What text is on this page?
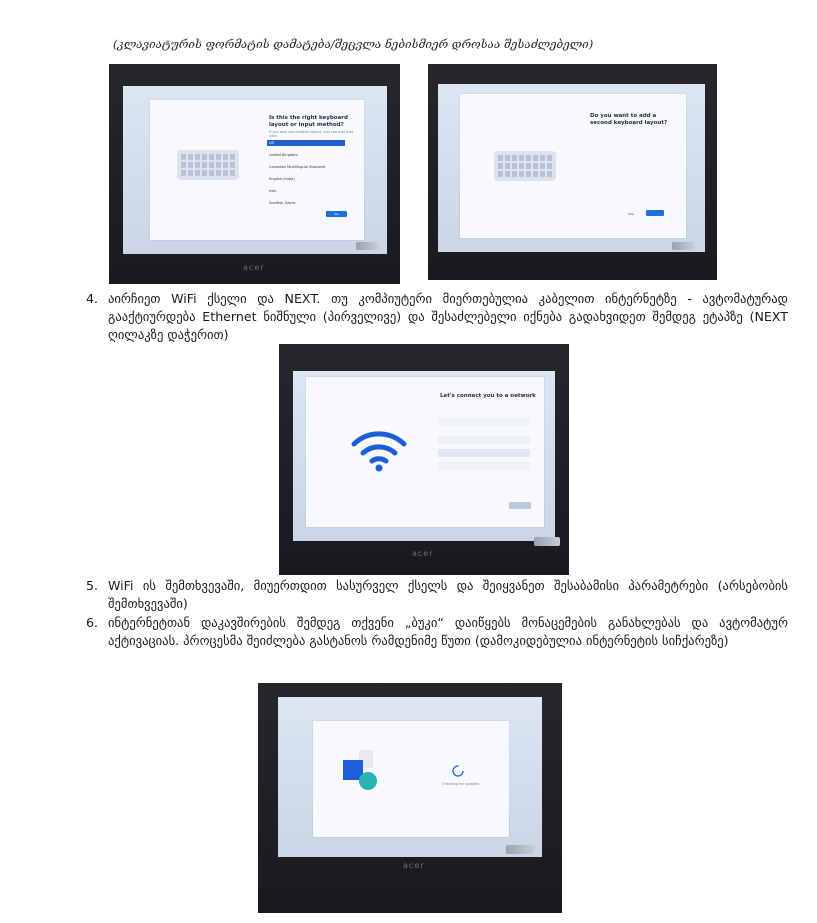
(კლავიატურის ფორმატის დამატება/შეცვლა ნებისმიერ დროსაა შესაძლებელი)
Is this the right keyboard layout or input method?
If you also use another layout, you can add that next.
US
United Kingdom
Canadian Multilingual Standard
English (India)
Irish
Scottish Gaelic
Yes
acer
Do you want to add a second keyboard layout?
Skip
4. აირჩიეთ WiFi ქსელი და NEXT. თუ კომპიუტერი მიერთებულია კაბელით ინტერნეტზე - ავტომატურად გააქტიურდება Ethernet ნიშნული (პირველივე) და შესაძლებელი იქნება გადახვიდეთ შემდეგ ეტაპზე (NEXT ღილაკზე დაჭერით)
Let's connect you to a network
acer
5. WiFi ის შემთხვევაში, მიუერთდით სასურველ ქსელს და შეიყვანეთ შესაბამისი პარამეტრები (არსებობის შემთხვევაში)
6. ინტერნეტთან დაკავშირების შემდეგ თქვენი „ბუკი“ დაიწყებს მონაცემების განახლებას და ავტომატურ აქტივაციას. პროცესმა შეიძლება გასტანოს რამდენიმე წუთი (დამოკიდებულია ინტერნეტის სიჩქარეზე)
Checking for updates
acer
